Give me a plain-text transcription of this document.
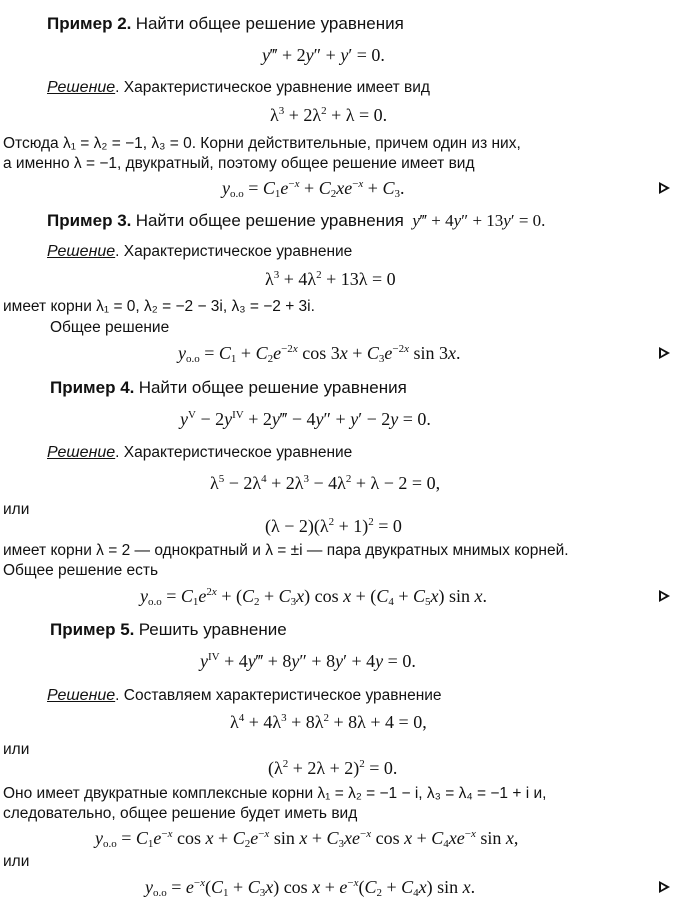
Пример 2. Найти общее решение уравнения
y‴ + 2y″ + y′ = 0.
Решение. Характеристическое уравнение имеет вид
$\lambda^3 + 2\lambda^2 + \lambda = 0$.
Отсюда λ₁ = λ₂ = −1, λ₃ = 0. Корни действительные, причем один из них,
а именно λ = −1, двукратный, поэтому общее решение имеет вид
$y_{о.о} = C_1e^{-x} + C_2xe^{-x} + C_3$.
Пример 3. Найти общее решение уравнения  y‴ + 4y″ + 13y′ = 0.
Решение. Характеристическое уравнение
$\lambda^3 + 4\lambda^2 + 13\lambda = 0$
имеет корни λ₁ = 0, λ₂ = −2 − 3i, λ₃ = −2 + 3i.
Общее решение
$y_{о.о} = C_1 + C_2e^{-2x}$ $\cos 3x + C_3e^{-2x}$ sin 3x.
Пример 4. Найти общее решение уравнения
$y^V - 2y^{IV}$ + 2y‴ − 4y″ + y′ − 2y = 0.
Решение. Характеристическое уравнение
$\lambda^5 - 2\lambda^4 + 2\lambda^3 - 4\lambda^2 + \lambda - 2 = 0$,
или
$(\lambda - 2)(\lambda^2 + 1)^2 = 0$
имеет корни λ = 2 — однократный и λ = ±i — пара двукратных мнимых корней.
Общее решение есть
$y_{о.о} = C_1e^{2x} + (C_2 + C_3x)$ $\cos x + (C_4 + C_5x)$ sin x.
Пример 5. Решить уравнение
$y^{IV}$ + 4y‴ + 8y″ + 8y′ + 4y = 0.
Решение. Составляем характеристическое уравнение
$\lambda^4 + 4\lambda^3 + 8\lambda^2 + 8\lambda + 4 = 0$,
или
$(\lambda^2 + 2\lambda + 2)^2 = 0$.
Оно имеет двукратные комплексные корни λ₁ = λ₂ = −1 − i, λ₃ = λ₄ = −1 + i и,
следовательно, общее решение будет иметь вид
$y_{о.о} = C_1e^{-x}$ $\cos x + C_2e^{-x}$ $\sin x + C_3xe^{-x}$ $\cos x + C_4xe^{-x}$ sin x,
или
$y_{о.о} = e^{-x}(C_1 + C_3x)$ $\cos x + e^{-x}(C_2 + C_4x)$ sin x.
